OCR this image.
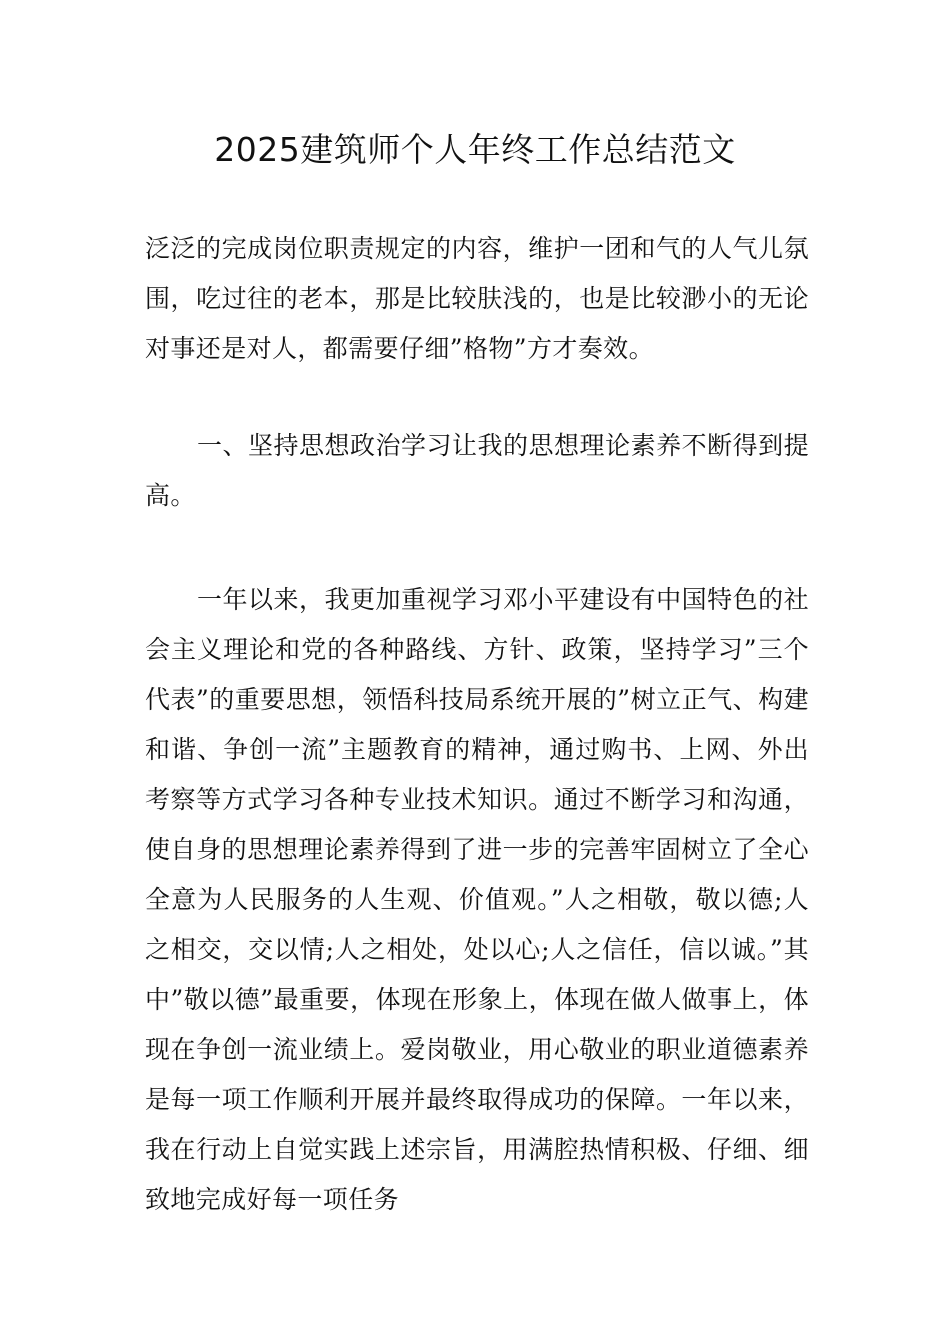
2025建筑师个人年终工作总结范文

泛泛的完成岗位职责规定的内容，维护一团和气的人气儿氛围，吃过往的老本，那是比较肤浅的，也是比较渺小的无论对事还是对人，都需要仔细”格物”方才奏效。

一、坚持思想政治学习让我的思想理论素养不断得到提高。

一年以来，我更加重视学习邓小平建设有中国特色的社会主义理论和党的各种路线、方针、政策，坚持学习”三个代表”的重要思想，领悟科技局系统开展的”树立正气、构建和谐、争创一流”主题教育的精神，通过购书、上网、外出考察等方式学习各种专业技术知识。通过不断学习和沟通，使自身的思想理论素养得到了进一步的完善牢固树立了全心全意为人民服务的人生观、价值观。”人之相敬，敬以德;人之相交，交以情;人之相处，处以心;人之信任，信以诚。”其中”敬以德”最重要，体现在形象上，体现在做人做事上，体现在争创一流业绩上。爱岗敬业，用心敬业的职业道德素养是每一项工作顺利开展并最终取得成功的保障。一年以来，我在行动上自觉实践上述宗旨，用满腔热情积极、仔细、细致地完成好每一项任务
